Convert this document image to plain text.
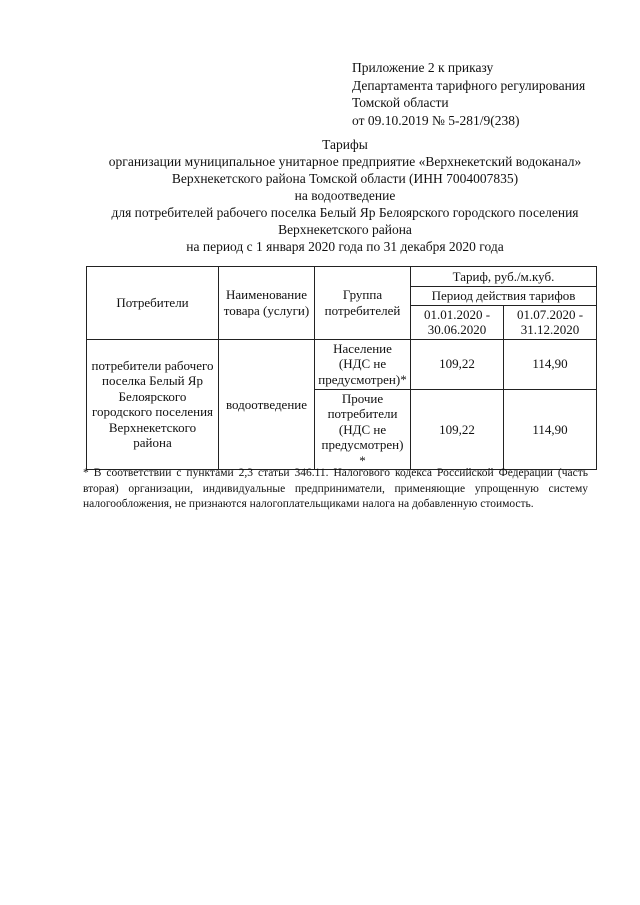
Приложение 2 к приказу
Департамента тарифного регулирования
Томской области
от 09.10.2019 № 5-281/9(238)
Тарифы
организации муниципальное унитарное предприятие «Верхнекетский водоканал»
Верхнекетского района Томской области (ИНН 7004007835)
на водоотведение
для потребителей рабочего поселка Белый Яр Белоярского городского поселения
Верхнекетского района
на период с 1 января 2020 года по 31 декабря 2020 года
Потребители	Наименование товара (услуги)	Группа потребителей	Тариф, руб./м.куб.	
			Период действия тарифов	
			01.01.2020 - 30.06.2020	01.07.2020 - 31.12.2020
потребители рабочего поселка Белый Яр Белоярского городского поселения Верхнекетского района	водоотведение	Население (НДС не предусмотрен)*	109,22	114,90
		Прочие потребители (НДС не предусмотрен) *	109,22	114,90
* В соответствии с пунктами 2,3 статьи 346.11. Налогового кодекса Российской Федерации (часть вторая) организации, индивидуальные предприниматели, применяющие упрощенную систему налогообложения, не признаются налогоплательщиками налога на добавленную стоимость.
